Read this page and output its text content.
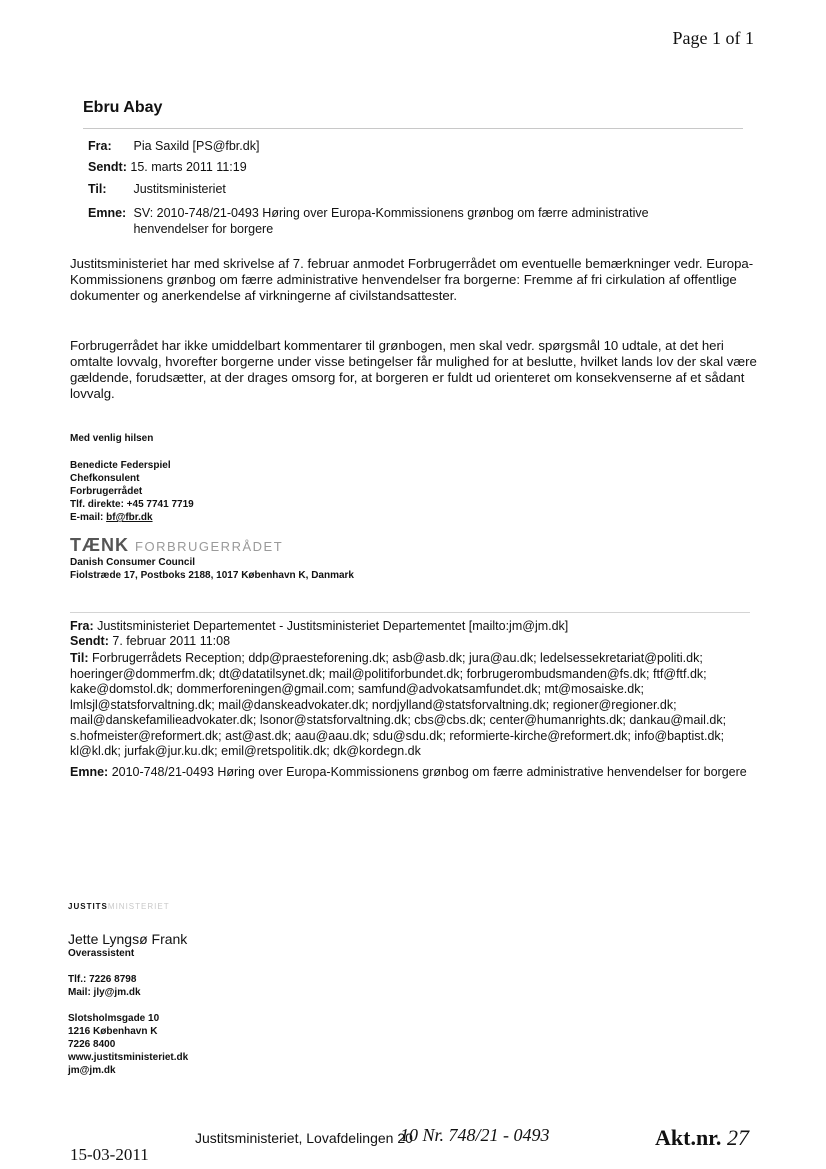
Page 1 of 1
Ebru Abay
Fra: Pia Saxild [PS@fbr.dk]
Sendt: 15. marts 2011 11:19
Til: Justitsministeriet
Emne: SV: 2010-748/21-0493 Høring over Europa-Kommissionens grønbog om færre administrative henvendelser for borgere
Justitsministeriet har med skrivelse af 7. februar anmodet Forbrugerrådet om eventuelle bemærkninger vedr. Europa-Kommissionens grønbog om færre administrative henvendelser fra borgerne: Fremme af fri cirkulation af offentlige dokumenter og anerkendelse af virkningerne af civilstandsattester.
Forbrugerrådet har ikke umiddelbart kommentarer til grønbogen, men skal vedr. spørgsmål 10 udtale, at det heri omtalte lovvalg, hvorefter borgerne under visse betingelser får mulighed for at beslutte, hvilket lands lov der skal være gældende, forudsætter, at der drages omsorg for, at borgeren er fuldt ud orienteret om konsekvenserne af et sådant lovvalg.
Med venlig hilsen
Benedicte Federspiel
Chefkonsulent
Forbrugerrådet
Tlf. direkte: +45 7741 7719
E-mail: bf@fbr.dk
TÆNK FORBRUGERRÅDET
Danish Consumer Council
Fiolstræde 17, Postboks 2188, 1017 København K, Danmark
Fra: Justitsministeriet Departementet - Justitsministeriet Departementet [mailto:jm@jm.dk]
Sendt: 7. februar 2011 11:08
Til: Forbrugerrådets Reception; ddp@praesteforening.dk; asb@asb.dk; jura@au.dk; ledelsessekretariat@politi.dk; hoeringer@dommerfm.dk; dt@datatilsynet.dk; mail@politiforbundet.dk; forbrugerombudsmanden@fs.dk; ftf@ftf.dk; kake@domstol.dk; dommerforeningen@gmail.com; samfund@advokatsamfundet.dk; mt@mosaiske.dk; lmlsjl@statsforvaltning.dk; mail@danskeadvokater.dk; nordjylland@statsforvaltning.dk; regioner@regioner.dk; mail@danskefamilieadvokater.dk; lsonor@statsforvaltning.dk; cbs@cbs.dk; center@humanrights.dk; dankau@mail.dk; s.hofmeister@reformert.dk; ast@ast.dk; aau@aau.dk; sdu@sdu.dk; reformierte-kirche@reformert.dk; info@baptist.dk; kl@kl.dk; jurfak@jur.ku.dk; emil@retspolitik.dk; dk@kordegn.dk
Emne: 2010-748/21-0493 Høring over Europa-Kommissionens grønbog om færre administrative henvendelser for borgere
JUSTITSMINISTERIET
Jette Lyngsø Frank
Overassistent
Tlf.: 7226 8798
Mail: jly@jm.dk
Slotsholmsgade 10
1216 København K
7226 8400
www.justitsministeriet.dk
jm@jm.dk
15-03-2011
Justitsministeriet, Lovafdelingen 20
10 Nr. 748/21 - 0493	Akt.nr. 27
